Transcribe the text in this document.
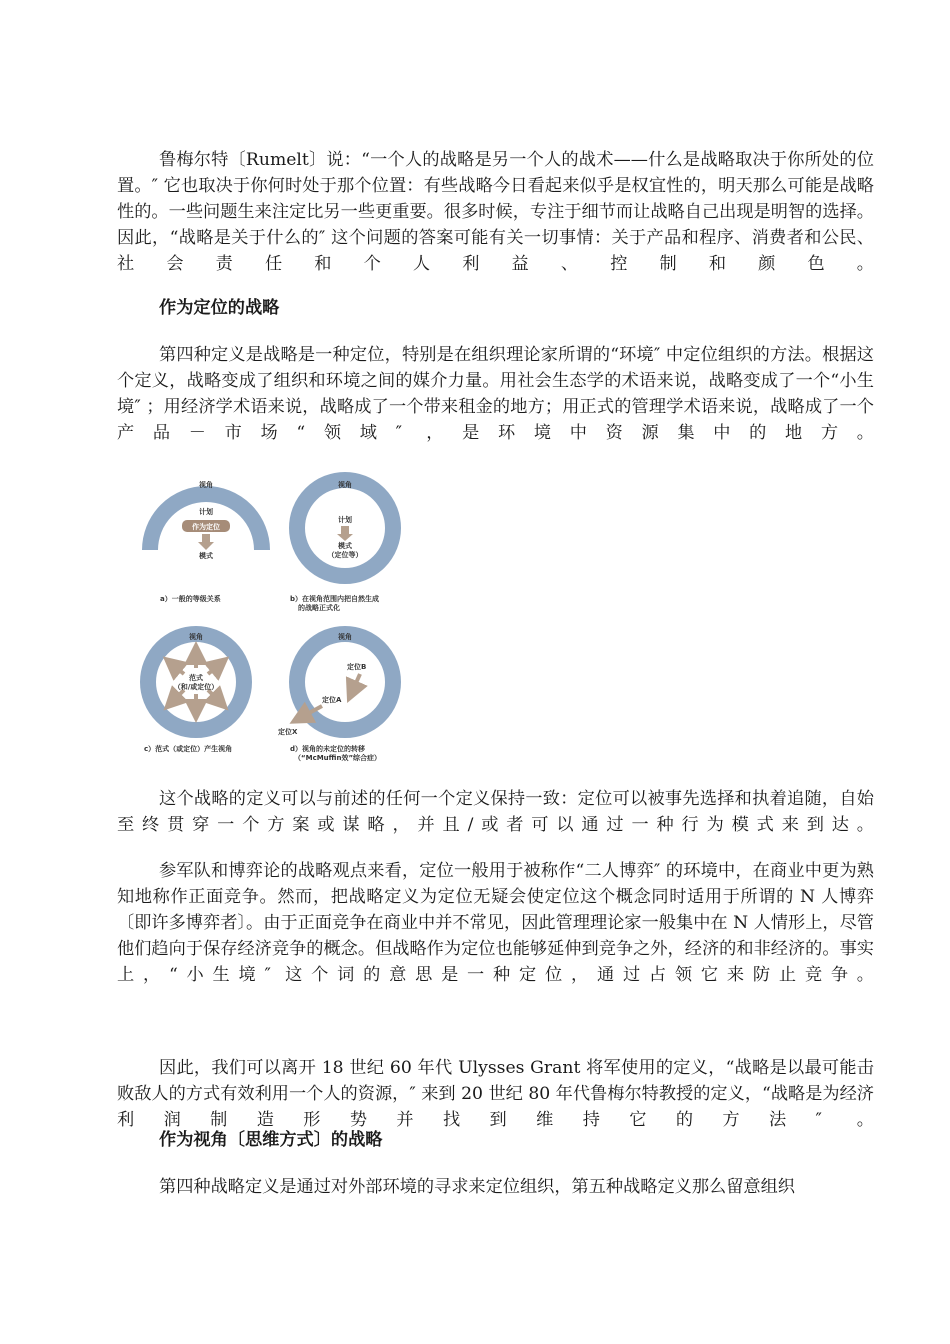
鲁梅尔特〔Rumelt〕说：“一个人的战略是另一个人的战术——什么是战略取决于你所处的位置。″ 它也取决于你何时处于那个位置：有些战略今日看起来似乎是权宜性的，明天那么可能是战略性的。一些问题生来注定比另一些更重要。很多时候，专注于细节而让战略自己出现是明智的选择。因此，“战略是关于什么的″ 这个问题的答案可能有关一切事情：关于产品和程序、消费者和公民、社会责任和个人利益、控制和颜色。

作为定位的战略

第四种定义是战略是一种定位，特别是在组织理论家所谓的“环境″ 中定位组织的方法。根据这个定义，战略变成了组织和环境之间的媒介力量。用社会生态学的术语来说，战略变成了一个“小生境″ ；用经济学术语来说，战略成了一个带来租金的地方；用正式的管理学术语来说，战略成了一个产品－市场“领域″ ，是环境中资源集中的地方。

视角
计划
作为定位
模式
a）一般的等级关系
视角
计划
模式
（定位等）
b）在视角范围内把自然生成
的战略正式化
视角
范式
（和/或定位）
c）范式（或定位）产生视角
视角
定位B
定位A
定位X
d）视角的未定位的转移
（“McMuffin效”综合症）

这个战略的定义可以与前述的任何一个定义保持一致：定位可以被事先选择和执着追随，自始至终贯穿一个方案或谋略，并且/或者可以通过一种行为模式来到达。

参军队和博弈论的战略观点来看，定位一般用于被称作“二人博弈″ 的环境中，在商业中更为熟知地称作正面竞争。然而，把战略定义为定位无疑会使定位这个概念同时适用于所谓的 N 人博弈〔即许多博弈者〕。由于正面竞争在商业中并不常见，因此管理理论家一般集中在 N 人情形上，尽管他们趋向于保存经济竞争的概念。但战略作为定位也能够延伸到竞争之外，经济的和非经济的。事实上，“小生境″ 这个词的意思是一种定位，通过占领它来防止竞争。

因此，我们可以离开 18 世纪 60 年代 Ulysses Grant 将军使用的定义，“战略是以最可能击败敌人的方式有效利用一个人的资源，″ 来到 20 世纪 80 年代鲁梅尔特教授的定义，“战略是为经济利润制造形势并找到维持它的方法″ 。

作为视角〔思维方式〕的战略

第四种战略定义是通过对外部环境的寻求来定位组织，第五种战略定义那么留意组织
